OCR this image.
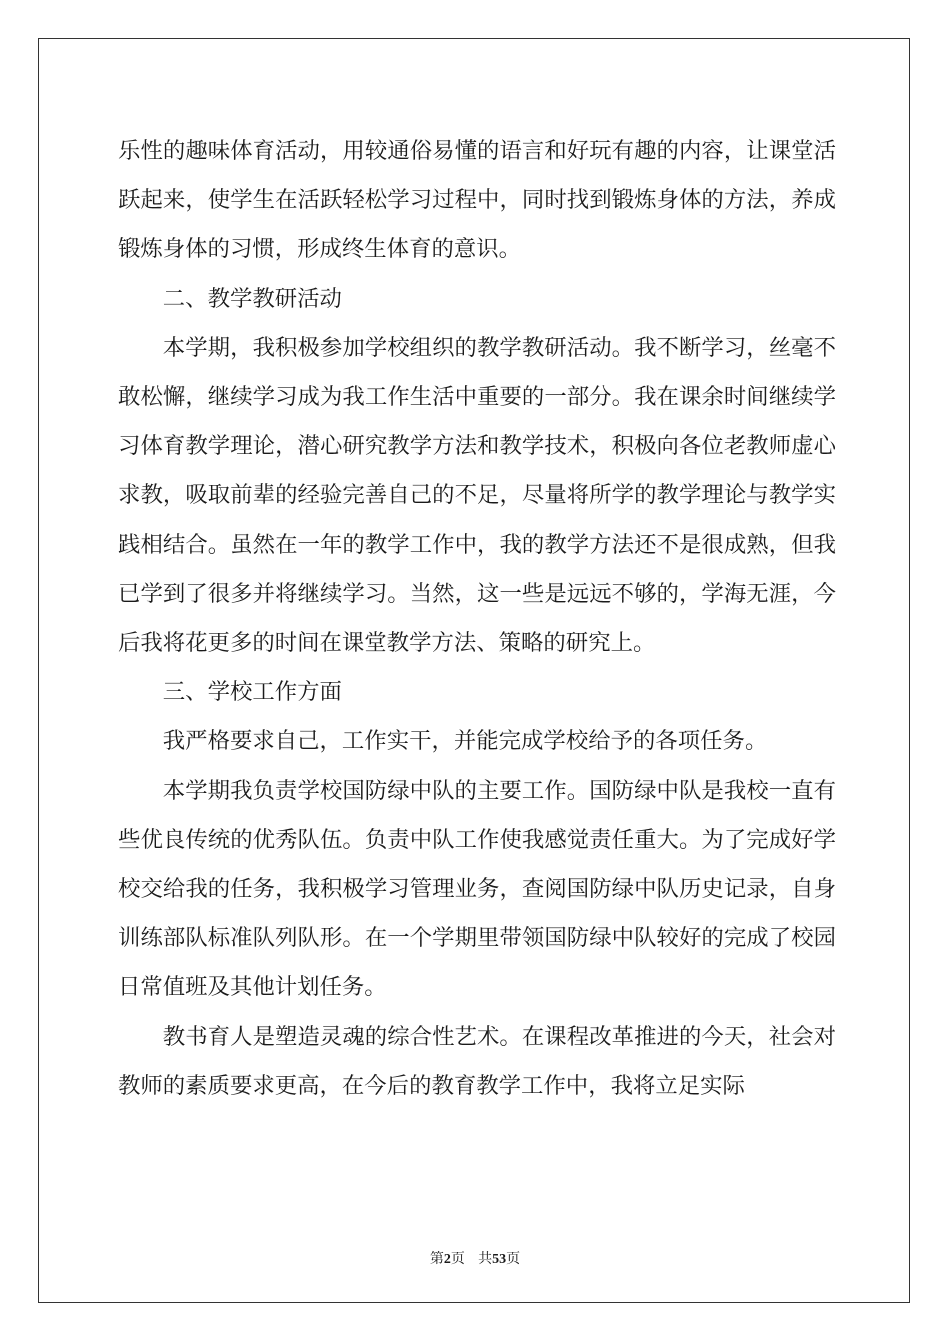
乐性的趣味体育活动，用较通俗易懂的语言和好玩有趣的内容，让课堂活跃起来，使学生在活跃轻松学习过程中，同时找到锻炼身体的方法，养成锻炼身体的习惯，形成终生体育的意识。

二、教学教研活动

本学期，我积极参加学校组织的教学教研活动。我不断学习，丝毫不敢松懈，继续学习成为我工作生活中重要的一部分。我在课余时间继续学习体育教学理论，潜心研究教学方法和教学技术，积极向各位老教师虚心求教，吸取前辈的经验完善自己的不足，尽量将所学的教学理论与教学实践相结合。虽然在一年的教学工作中，我的教学方法还不是很成熟，但我已学到了很多并将继续学习。当然，这一些是远远不够的，学海无涯，今后我将花更多的时间在课堂教学方法、策略的研究上。

三、学校工作方面

我严格要求自己，工作实干，并能完成学校给予的各项任务。

本学期我负责学校国防绿中队的主要工作。国防绿中队是我校一直有些优良传统的优秀队伍。负责中队工作使我感觉责任重大。为了完成好学校交给我的任务，我积极学习管理业务，查阅国防绿中队历史记录，自身训练部队标准队列队形。在一个学期里带领国防绿中队较好的完成了校园日常值班及其他计划任务。

教书育人是塑造灵魂的综合性艺术。在课程改革推进的今天，社会对教师的素质要求更高，在今后的教育教学工作中，我将立足实际

第2页 共53页
